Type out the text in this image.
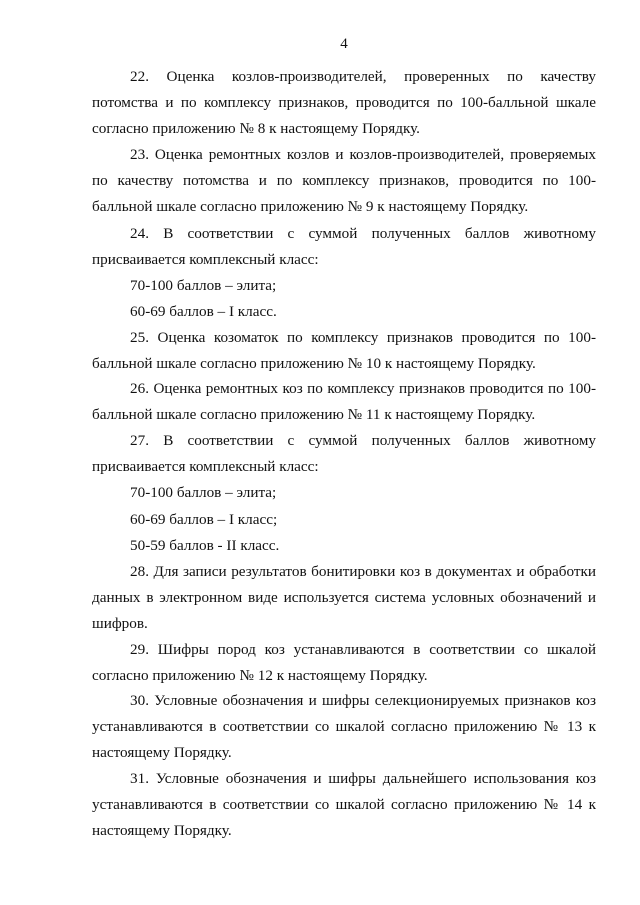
4

22. Оценка козлов-производителей, проверенных по качеству потомства и по комплексу признаков, проводится по 100-балльной шкале согласно приложению № 8 к настоящему Порядку.

23. Оценка ремонтных козлов и козлов-производителей, проверяемых по качеству потомства и по комплексу признаков, проводится по 100-балльной шкале согласно приложению № 9 к настоящему Порядку.

24. В соответствии с суммой полученных баллов животному присваивается комплексный класс:

70-100 баллов – элита;

60-69 баллов – I класс.

25. Оценка козоматок по комплексу признаков проводится по 100-балльной шкале согласно приложению № 10 к настоящему Порядку.

26. Оценка ремонтных коз по комплексу признаков проводится по 100-балльной шкале согласно приложению № 11 к настоящему Порядку.

27. В соответствии с суммой полученных баллов животному присваивается комплексный класс:

70-100 баллов – элита;

60-69 баллов – I класс;

50-59 баллов - II класс.

28. Для записи результатов бонитировки коз в документах и обработки данных в электронном виде используется система условных обозначений и шифров.

29. Шифры пород коз устанавливаются в соответствии со шкалой согласно приложению № 12 к настоящему Порядку.

30. Условные обозначения и шифры селекционируемых признаков коз устанавливаются в соответствии со шкалой согласно приложению № 13 к настоящему Порядку.

31. Условные обозначения и шифры дальнейшего использования коз устанавливаются в соответствии со шкалой согласно приложению № 14 к настоящему Порядку.
